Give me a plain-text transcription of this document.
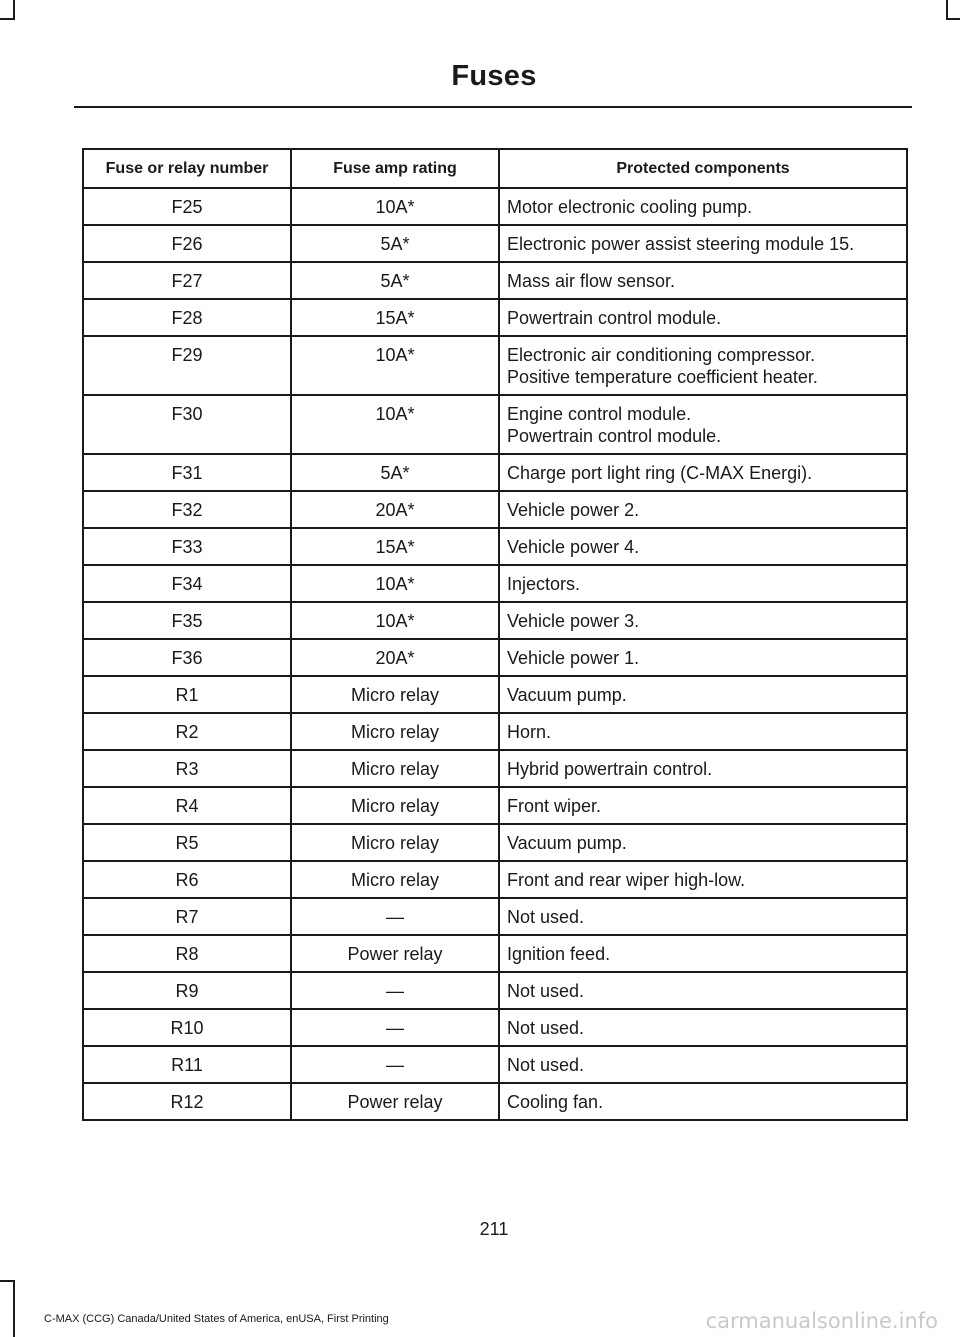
Fuses
Fuse or relay number	Fuse amp rating	Protected components
F25	10A*	Motor electronic cooling pump.

F26	5A*	Electronic power assist steering module 15.

F27	5A*	Mass air flow sensor.

F28	15A*	Powertrain control module.

F29	10A*	Electronic air conditioning compressor.
Positive temperature coefficient heater.

F30	10A*	Engine control module.
Powertrain control module.

F31	5A*	Charge port light ring (C-MAX Energi).

F32	20A*	Vehicle power 2.

F33	15A*	Vehicle power 4.

F34	10A*	Injectors.

F35	10A*	Vehicle power 3.

F36	20A*	Vehicle power 1.

R1	Micro relay	Vacuum pump.

R2	Micro relay	Horn.

R3	Micro relay	Hybrid powertrain control.

R4	Micro relay	Front wiper.

R5	Micro relay	Vacuum pump.

R6	Micro relay	Front and rear wiper high-low.

R7	—	Not used.

R8	Power relay	Ignition feed.

R9	—	Not used.

R10	—	Not used.

R11	—	Not used.

R12	Power relay	Cooling fan.
211
C-MAX (CCG) Canada/United States of America, enUSA, First Printing	carmanualsonline.info
